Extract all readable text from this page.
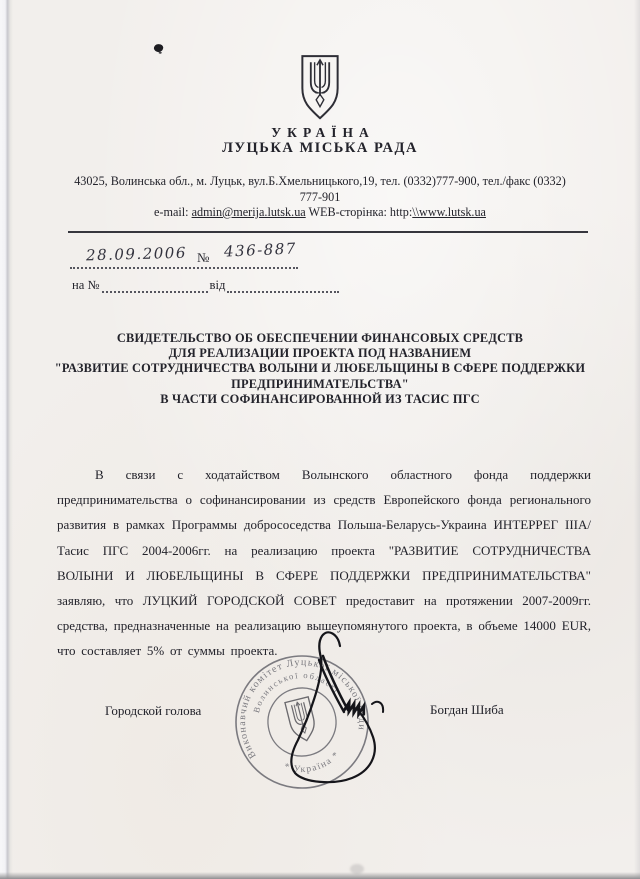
УКРАЇНА
ЛУЦЬКА МІСЬКА РАДА
43025, Волинська обл., м. Луцьк, вул.Б.Хмельницького,19, тел. (0332)777-900, тел./факс (0332)
777-901
e-mail: admin@merija.lutsk.ua WEB-сторінка: http:\\www.lutsk.ua
28.09.2006 № 436-887
на №	від
СВИДЕТЕЛЬСТВО ОБ ОБЕСПЕЧЕНИИ ФИНАНСОВЫХ СРЕДСТВ
ДЛЯ РЕАЛИЗАЦИИ ПРОЕКТА ПОД НАЗВАНИЕМ
"РАЗВИТИЕ СОТРУДНИЧЕСТВА ВОЛЫНИ И ЛЮБЕЛЬЩИНЫ В СФЕРЕ ПОДДЕРЖКИ
ПРЕДПРИНИМАТЕЛЬСТВА"
В ЧАСТИ СОФИНАНСИРОВАННОЙ ИЗ ТАСИС ПГС
В связи с ходатайством Волынского областного фонда поддержки предпринимательства о софинансировании из средств Европейского фонда регионального развития в рамках Программы добрососедства Польша-Беларусь-Украина ИНТЕРРЕГ IIIА/Тасис ПГС 2004-2006гг. на реализацию проекта "РАЗВИТИЕ СОТРУДНИЧЕСТВА ВОЛЫНИ И ЛЮБЕЛЬЩИНЫ В СФЕРЕ ПОДДЕРЖКИ ПРЕДПРИНИМАТЕЛЬСТВА" заявляю, что ЛУЦКИЙ ГОРОДСКОЙ СОВЕТ предоставит на протяжении 2007-2009гг. средства, предназначенные на реализацию вышеупомянутого проекта, в объеме 14000 EUR, что составляет 5% от суммы проекта.
Городской голова	Богдан Шиба
Виконавчий комітет Луцької міської ради
Волинської області
* Україна *
